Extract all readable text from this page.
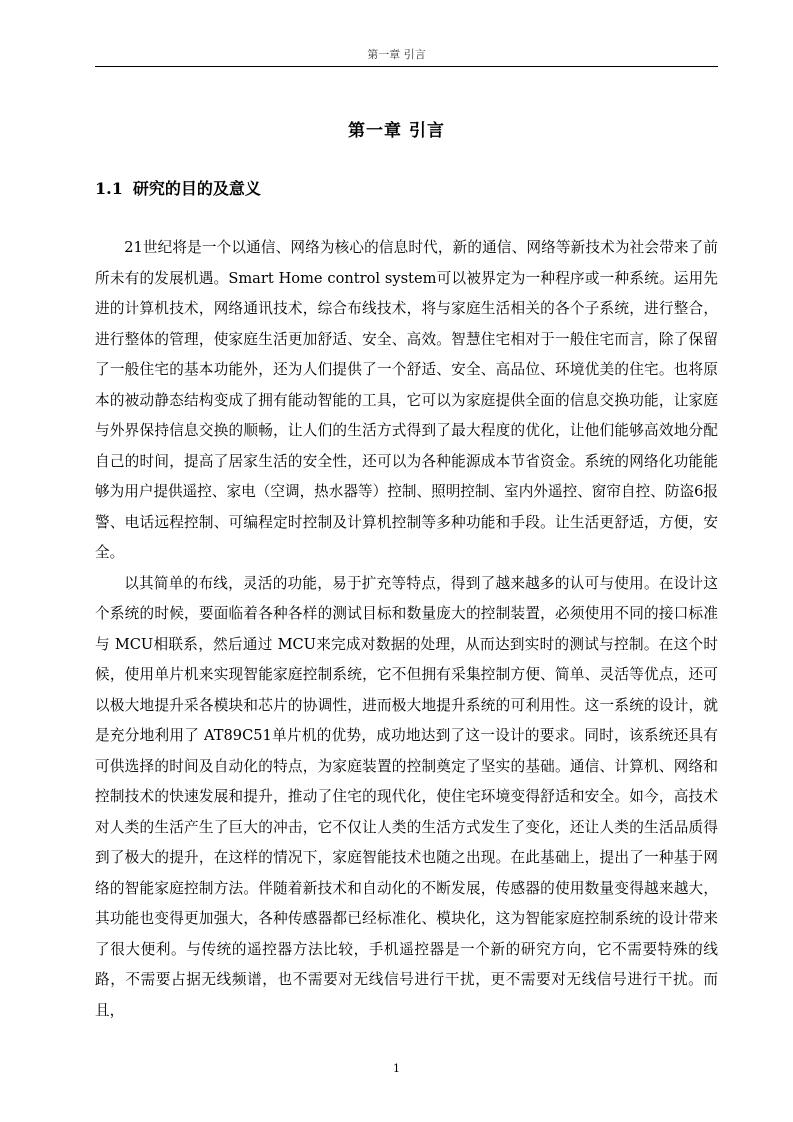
第一章 引言
第一章 引言
1.1 研究的目的及意义

21世纪将是一个以通信、网络为核心的信息时代，新的通信、网络等新技术为社会带来了前所未有的发展机遇。Smart Home control system可以被界定为一种程序或一种系统。运用先进的计算机技术，网络通讯技术，综合布线技术，将与家庭生活相关的各个子系统，进行整合，进行整体的管理，使家庭生活更加舒适、安全、高效。智慧住宅相对于一般住宅而言，除了保留了一般住宅的基本功能外，还为人们提供了一个舒适、安全、高品位、环境优美的住宅。也将原本的被动静态结构变成了拥有能动智能的工具，它可以为家庭提供全面的信息交换功能，让家庭与外界保持信息交换的顺畅，让人们的生活方式得到了最大程度的优化，让他们能够高效地分配自己的时间，提高了居家生活的安全性，还可以为各种能源成本节省资金。系统的网络化功能能够为用户提供遥控、家电（空调，热水器等）控制、照明控制、室内外遥控、窗帘自控、防盗6报警、电话远程控制、可编程定时控制及计算机控制等多种功能和手段。让生活更舒适，方便，安全。

以其简单的布线，灵活的功能，易于扩充等特点，得到了越来越多的认可与使用。在设计这个系统的时候，要面临着各种各样的测试目标和数量庞大的控制装置，必须使用不同的接口标准与 MCU相联系，然后通过 MCU来完成对数据的处理，从而达到实时的测试与控制。在这个时候，使用单片机来实现智能家庭控制系统，它不但拥有采集控制方便、简单、灵活等优点，还可以极大地提升采各模块和芯片的协调性，进而极大地提升系统的可利用性。这一系统的设计，就是充分地利用了 AT89C51单片机的优势，成功地达到了这一设计的要求。同时，该系统还具有可供选择的时间及自动化的特点，为家庭装置的控制奠定了坚实的基础。通信、计算机、网络和控制技术的快速发展和提升，推动了住宅的现代化，使住宅环境变得舒适和安全。如今，高技术对人类的生活产生了巨大的冲击，它不仅让人类的生活方式发生了变化，还让人类的生活品质得到了极大的提升，在这样的情况下，家庭智能技术也随之出现。在此基础上，提出了一种基于网络的智能家庭控制方法。伴随着新技术和自动化的不断发展，传感器的使用数量变得越来越大，其功能也变得更加强大，各种传感器都已经标准化、模块化，这为智能家庭控制系统的设计带来了很大便利。与传统的遥控器方法比较，手机遥控器是一个新的研究方向，它不需要特殊的线路，不需要占据无线频谱，也不需要对无线信号进行干扰，更不需要对无线信号进行干扰。而且，

1
